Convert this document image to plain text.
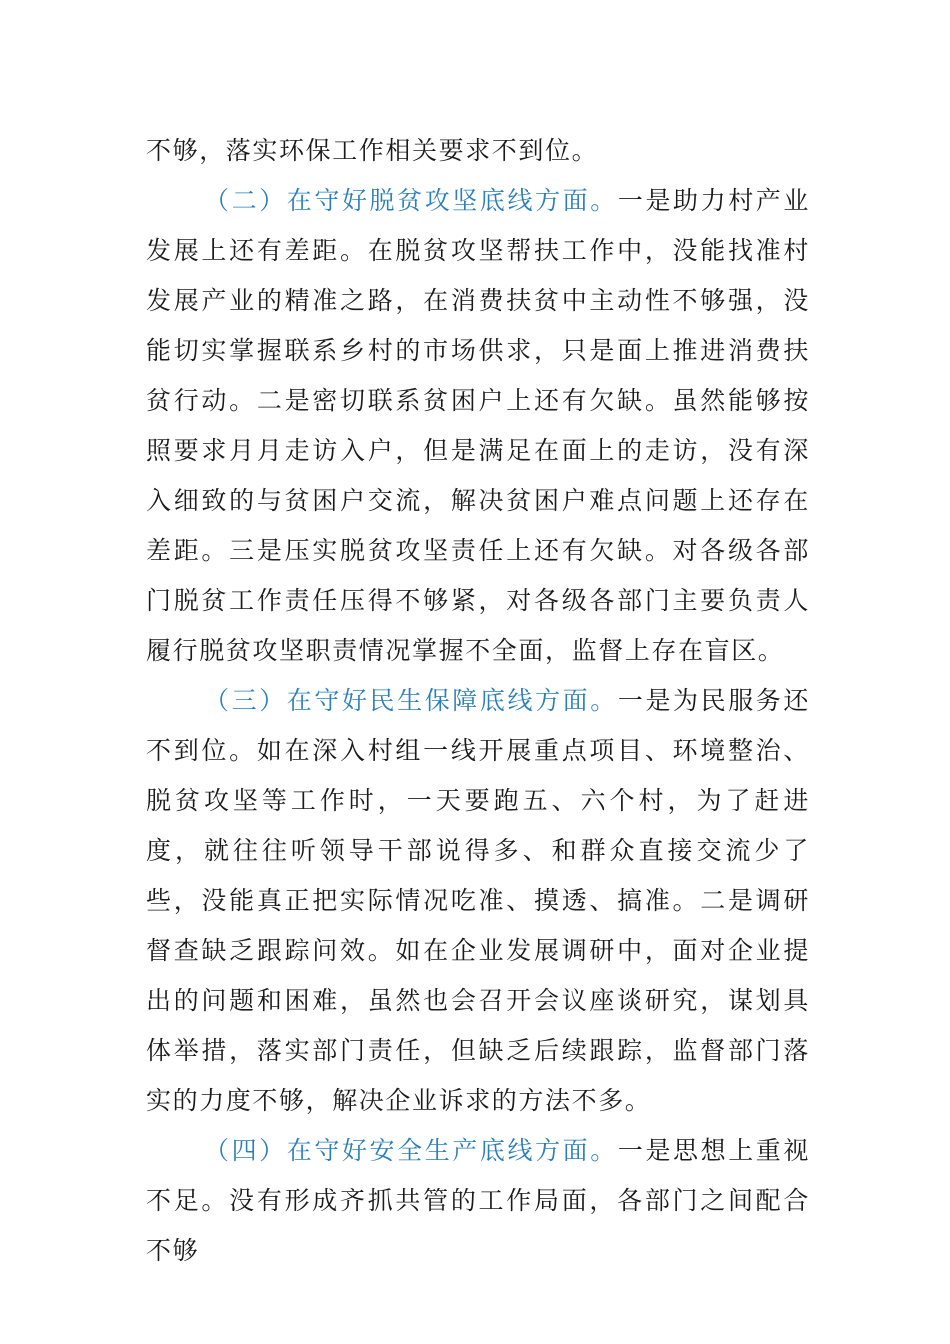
不够，落实环保工作相关要求不到位。

（二）在守好脱贫攻坚底线方面。一是助力村产业发展上还有差距。在脱贫攻坚帮扶工作中，没能找准村发展产业的精准之路，在消费扶贫中主动性不够强，没能切实掌握联系乡村的市场供求，只是面上推进消费扶贫行动。二是密切联系贫困户上还有欠缺。虽然能够按照要求月月走访入户，但是满足在面上的走访，没有深入细致的与贫困户交流，解决贫困户难点问题上还存在差距。三是压实脱贫攻坚责任上还有欠缺。对各级各部门脱贫工作责任压得不够紧，对各级各部门主要负责人履行脱贫攻坚职责情况掌握不全面，监督上存在盲区。

（三）在守好民生保障底线方面。一是为民服务还不到位。如在深入村组一线开展重点项目、环境整治、脱贫攻坚等工作时，一天要跑五、六个村，为了赶进度，就往往听领导干部说得多、和群众直接交流少了些，没能真正把实际情况吃准、摸透、搞准。二是调研督查缺乏跟踪问效。如在企业发展调研中，面对企业提出的问题和困难，虽然也会召开会议座谈研究，谋划具体举措，落实部门责任，但缺乏后续跟踪，监督部门落实的力度不够，解决企业诉求的方法不多。

（四）在守好安全生产底线方面。一是思想上重视不足。没有形成齐抓共管的工作局面，各部门之间配合不够
